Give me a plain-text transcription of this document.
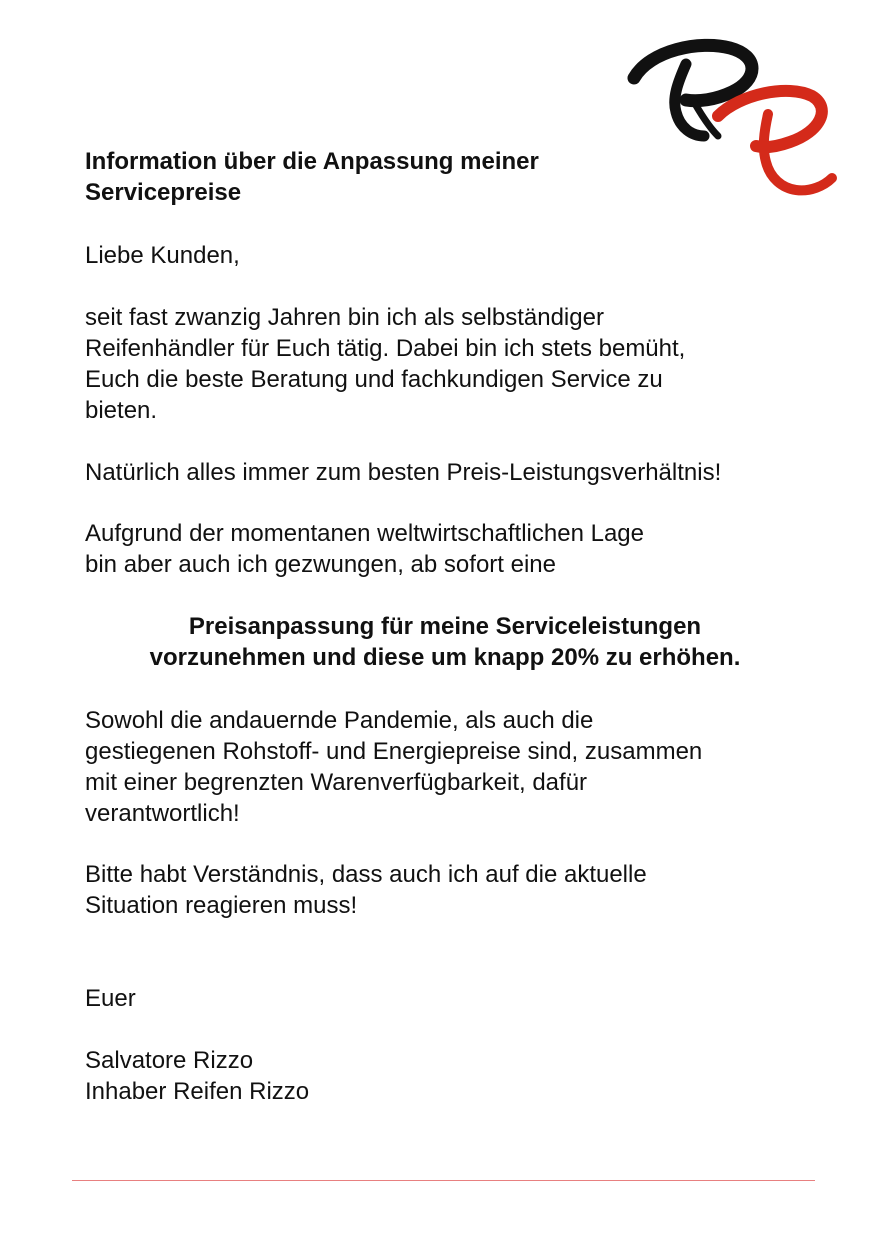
Information über die Anpassung meiner
Servicepreise
Liebe Kunden,
seit fast zwanzig Jahren bin ich als selbständiger
Reifenhändler für Euch tätig. Dabei bin ich stets bemüht,
Euch die beste Beratung und fachkundigen Service zu
bieten.
Natürlich alles immer zum besten Preis-Leistungsverhältnis!
Aufgrund der momentanen weltwirtschaftlichen Lage
bin aber auch ich gezwungen, ab sofort eine
Preisanpassung für meine Serviceleistungen
vorzunehmen und diese um knapp 20% zu erhöhen.
Sowohl die andauernde Pandemie, als auch die
gestiegenen Rohstoff- und Energiepreise sind, zusammen
mit einer begrenzten Warenverfügbarkeit, dafür
verantwortlich!
Bitte habt Verständnis, dass auch ich auf die aktuelle
Situation reagieren muss!
Euer
Salvatore Rizzo
Inhaber Reifen Rizzo
